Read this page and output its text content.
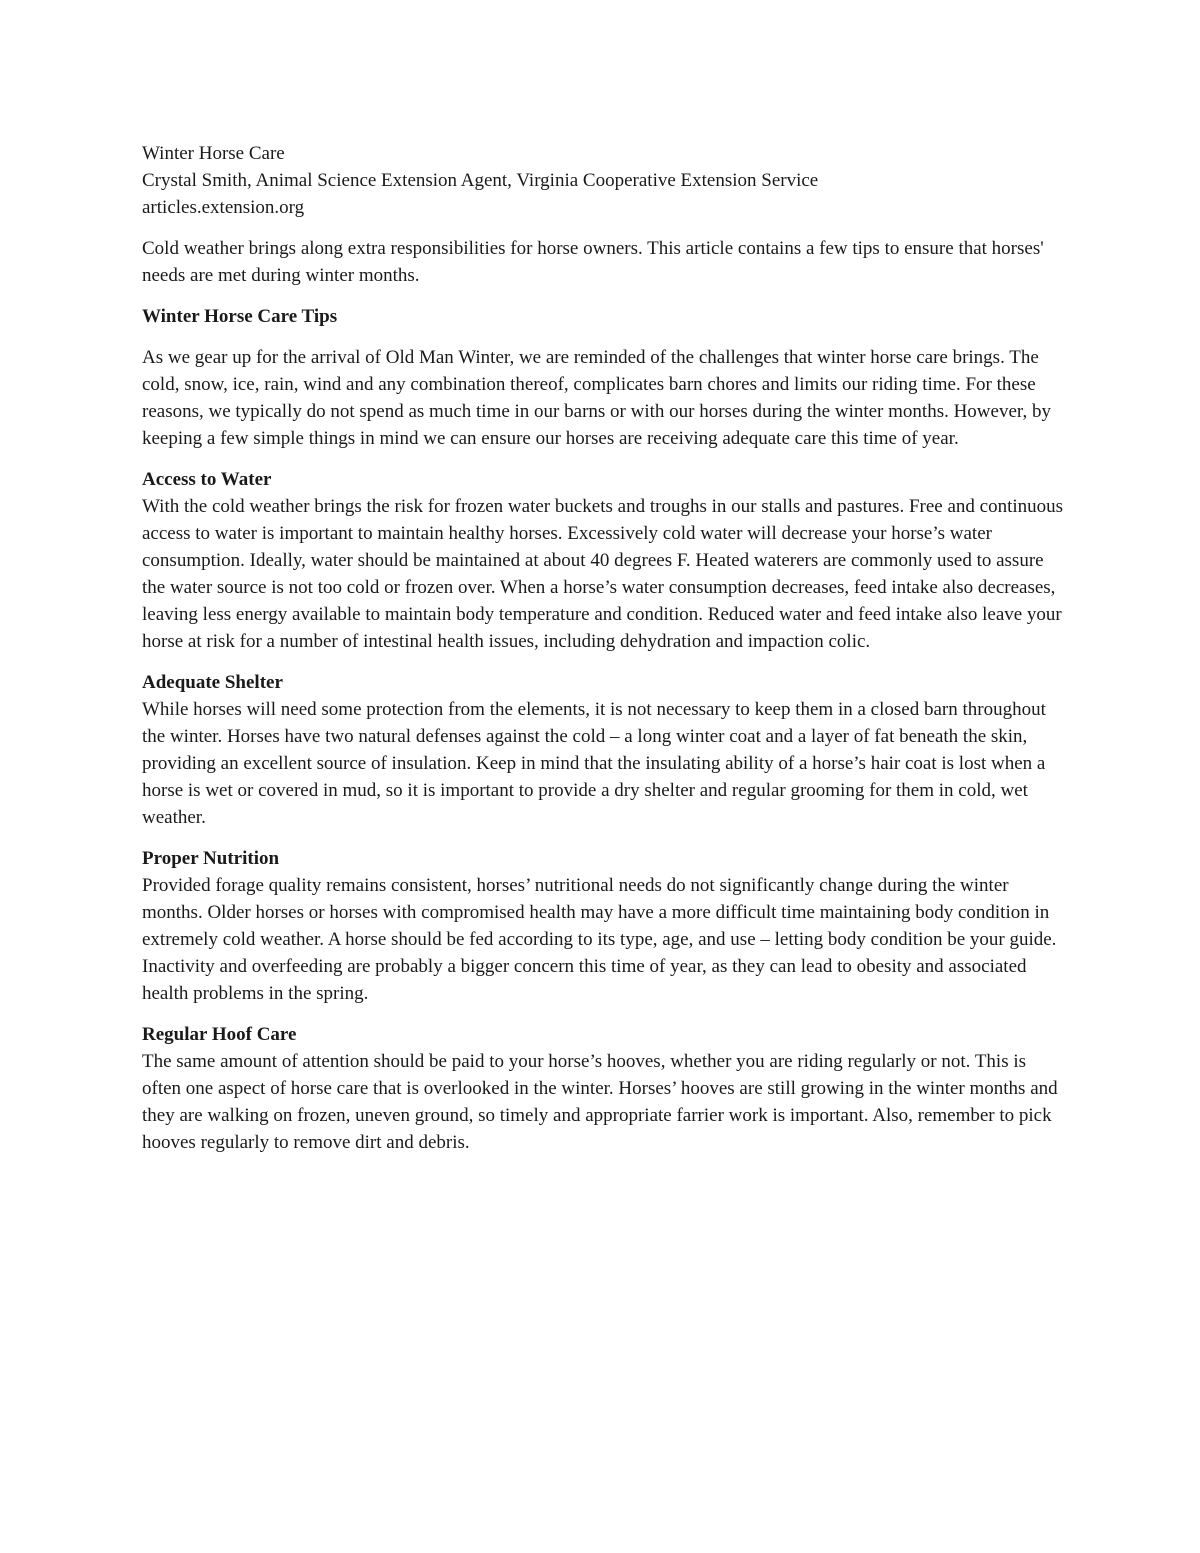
Winter Horse Care

Crystal Smith, Animal Science Extension Agent, Virginia Cooperative Extension Service

articles.extension.org

Cold weather brings along extra responsibilities for horse owners. This article contains a few tips to ensure that horses' needs are met during winter months.

Winter Horse Care Tips

As we gear up for the arrival of Old Man Winter, we are reminded of the challenges that winter horse care brings. The cold, snow, ice, rain, wind and any combination thereof, complicates barn chores and limits our riding time. For these reasons, we typically do not spend as much time in our barns or with our horses during the winter months. However, by keeping a few simple things in mind we can ensure our horses are receiving adequate care this time of year.

Access to Water

With the cold weather brings the risk for frozen water buckets and troughs in our stalls and pastures. Free and continuous access to water is important to maintain healthy horses. Excessively cold water will decrease your horse’s water consumption. Ideally, water should be maintained at about 40 degrees F. Heated waterers are commonly used to assure the water source is not too cold or frozen over. When a horse’s water consumption decreases, feed intake also decreases, leaving less energy available to maintain body temperature and condition. Reduced water and feed intake also leave your horse at risk for a number of intestinal health issues, including dehydration and impaction colic.

Adequate Shelter

While horses will need some protection from the elements, it is not necessary to keep them in a closed barn throughout the winter. Horses have two natural defenses against the cold – a long winter coat and a layer of fat beneath the skin, providing an excellent source of insulation. Keep in mind that the insulating ability of a horse’s hair coat is lost when a horse is wet or covered in mud, so it is important to provide a dry shelter and regular grooming for them in cold, wet weather.

Proper Nutrition

Provided forage quality remains consistent, horses’ nutritional needs do not significantly change during the winter months. Older horses or horses with compromised health may have a more difficult time maintaining body condition in extremely cold weather. A horse should be fed according to its type, age, and use – letting body condition be your guide. Inactivity and overfeeding are probably a bigger concern this time of year, as they can lead to obesity and associated health problems in the spring.

Regular Hoof Care

The same amount of attention should be paid to your horse’s hooves, whether you are riding regularly or not. This is often one aspect of horse care that is overlooked in the winter. Horses’ hooves are still growing in the winter months and they are walking on frozen, uneven ground, so timely and appropriate farrier work is important. Also, remember to pick hooves regularly to remove dirt and debris.
